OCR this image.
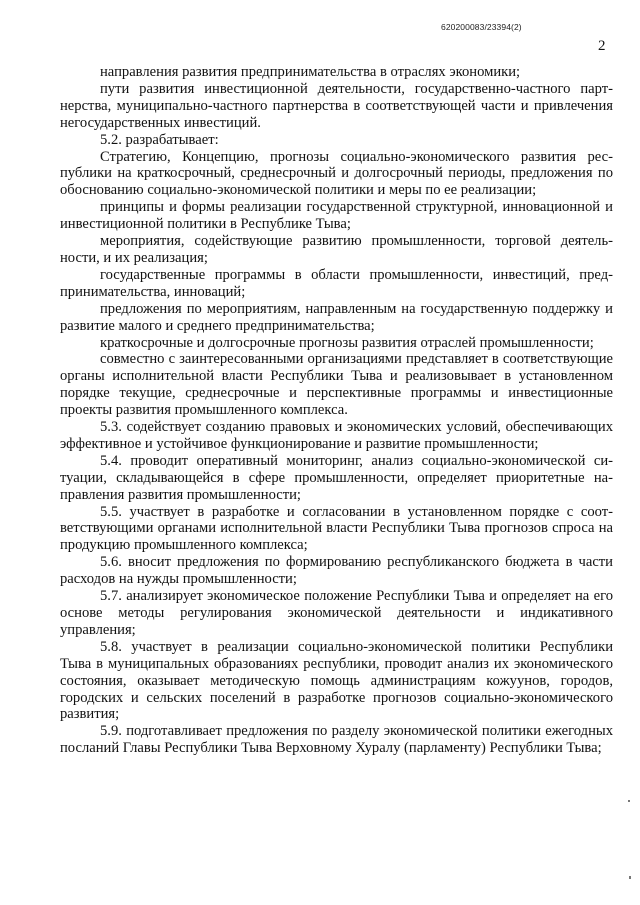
620200083/23394(2)
2

направления развития предпринимательства в отраслях экономики;

пути развития инвестиционной деятельности, государственно-частного партнерства, муниципально-частного партнерства в соответствующей части и привлечения негосударственных инвестиций.

5.2. разрабатывает:

Стратегию, Концепцию, прогнозы социально-экономического развития республики на краткосрочный, среднесрочный и долгосрочный периоды, предложения по обоснованию социально-экономической политики и меры по ее реализации;

принципы и формы реализации государственной структурной, инновационной и инвестиционной политики в Республике Тыва;

мероприятия, содействующие развитию промышленности, торговой деятельности, и их реализация;

государственные программы в области промышленности, инвестиций, предпринимательства, инноваций;

предложения по мероприятиям, направленным на государственную поддержку и развитие малого и среднего предпринимательства;

краткосрочные и долгосрочные прогнозы развития отраслей промышленности;

совместно с заинтересованными организациями представляет в соответствующие органы исполнительной власти Республики Тыва и реализовывает в установленном порядке текущие, среднесрочные и перспективные программы и инвестиционные проекты развития промышленного комплекса.

5.3. содействует созданию правовых и экономических условий, обеспечивающих эффективное и устойчивое функционирование и развитие промышленности;

5.4. проводит оперативный мониторинг, анализ социально-экономической ситуации, складывающейся в сфере промышленности, определяет приоритетные направления развития промышленности;

5.5. участвует в разработке и согласовании в установленном порядке с соответствующими органами исполнительной власти Республики Тыва прогнозов спроса на продукцию промышленного комплекса;

5.6. вносит предложения по формированию республиканского бюджета в части расходов на нужды промышленности;

5.7. анализирует экономическое положение Республики Тыва и определяет на его основе методы регулирования экономической деятельности и индикативного управления;

5.8. участвует в реализации социально-экономической политики Республики Тыва в муниципальных образованиях республики, проводит анализ их экономического состояния, оказывает методическую помощь администрациям кожуунов, городов, городских и сельских поселений в разработке прогнозов социально-экономического развития;

5.9. подготавливает предложения по разделу экономической политики ежегодных посланий Главы Республики Тыва Верховному Хуралу (парламенту) Республики Тыва;
